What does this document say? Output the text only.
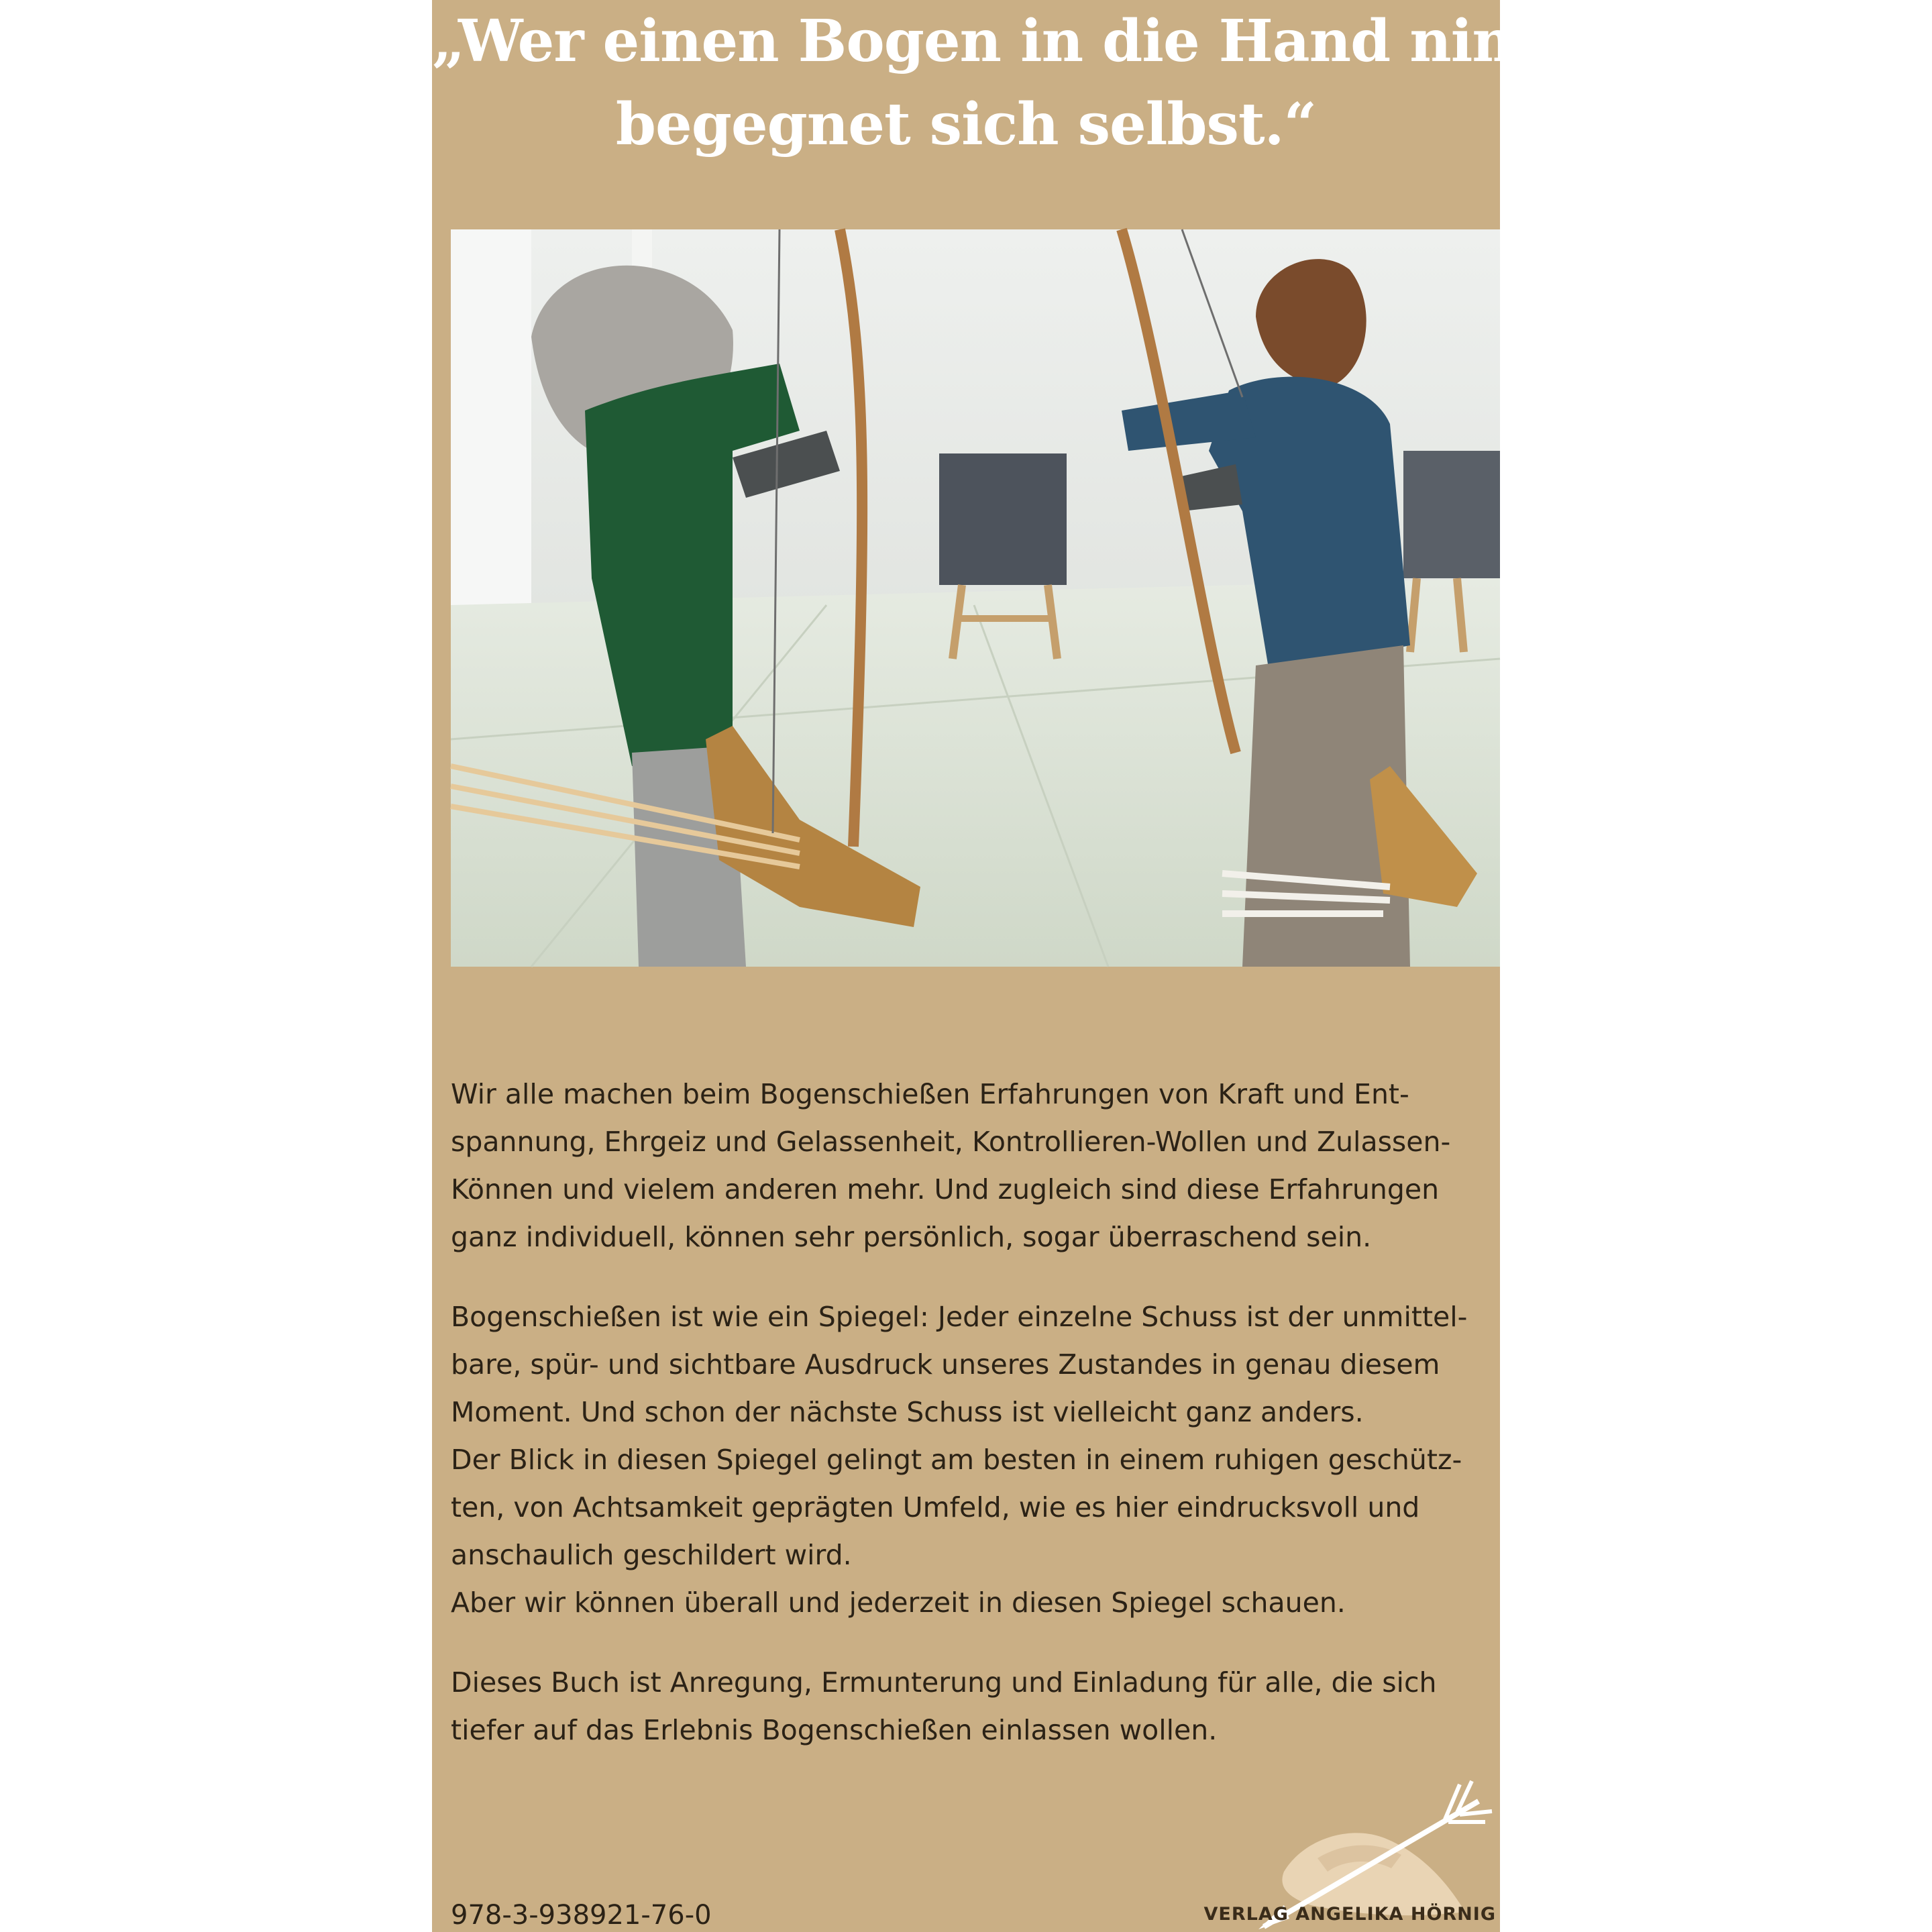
„Wer einen Bogen in die Hand nimmt,
begegnet sich selbst.“

Wir alle machen beim Bogenschießen Erfahrungen von Kraft und Ent-
spannung, Ehrgeiz und Gelassenheit, Kontrollieren-Wollen und Zulassen-
Können und vielem anderen mehr. Und zugleich sind diese Erfahrungen
ganz individuell, können sehr persönlich, sogar überraschend sein.

Bogenschießen ist wie ein Spiegel: Jeder einzelne Schuss ist der unmittel-
bare, spür- und sichtbare Ausdruck unseres Zustandes in genau diesem
Moment. Und schon der nächste Schuss ist vielleicht ganz anders.
Der Blick in diesen Spiegel gelingt am besten in einem ruhigen geschütz-
ten, von Achtsamkeit geprägten Umfeld, wie es hier eindrucksvoll und
anschaulich geschildert wird.
Aber wir können überall und jederzeit in diesen Spiegel schauen.

Dieses Buch ist Anregung, Ermunterung und Einladung für alle, die sich
tiefer auf das Erlebnis Bogenschießen einlassen wollen.

978-3-938921-76-0	VERLAG ANGELIKA HÖRNIG
